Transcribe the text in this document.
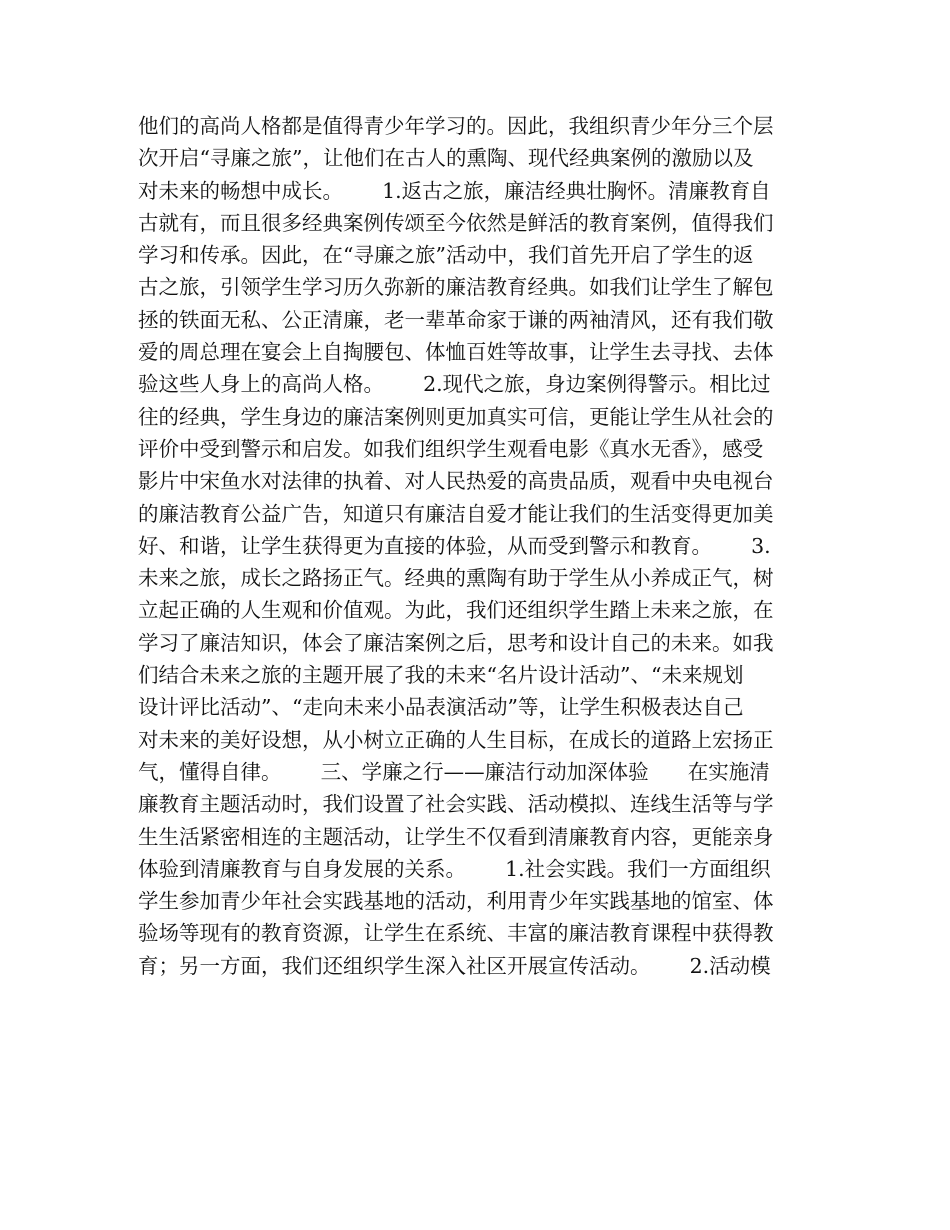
他们的高尚人格都是值得青少年学习的。因此，我组织青少年分三个层
次开启“寻廉之旅”，让他们在古人的熏陶、现代经典案例的激励以及
对未来的畅想中成长。      1.返古之旅，廉洁经典壮胸怀。清廉教育自
古就有，而且很多经典案例传颂至今依然是鲜活的教育案例，值得我们
学习和传承。因此，在“寻廉之旅”活动中，我们首先开启了学生的返
古之旅，引领学生学习历久弥新的廉洁教育经典。如我们让学生了解包
拯的铁面无私、公正清廉，老一辈革命家于谦的两袖清风，还有我们敬
爱的周总理在宴会上自掏腰包、体恤百姓等故事，让学生去寻找、去体
验这些人身上的高尚人格。      2.现代之旅，身边案例得警示。相比过
往的经典，学生身边的廉洁案例则更加真实可信，更能让学生从社会的
评价中受到警示和启发。如我们组织学生观看电影《真水无香》，感受
影片中宋鱼水对法律的执着、对人民热爱的高贵品质，观看中央电视台
的廉洁教育公益广告，知道只有廉洁自爱才能让我们的生活变得更加美
好、和谐，让学生获得更为直接的体验，从而受到警示和教育。      3.
未来之旅，成长之路扬正气。经典的熏陶有助于学生从小养成正气，树
立起正确的人生观和价值观。为此，我们还组织学生踏上未来之旅，在
学习了廉洁知识，体会了廉洁案例之后，思考和设计自己的未来。如我
们结合未来之旅的主题开展了我的未来“名片设计活动”、“未来规划
设计评比活动”、“走向未来小品表演活动”等，让学生积极表达自己
对未来的美好设想，从小树立正确的人生目标，在成长的道路上宏扬正
气，懂得自律。      三、学廉之行——廉洁行动加深体验      在实施清
廉教育主题活动时，我们设置了社会实践、活动模拟、连线生活等与学
生生活紧密相连的主题活动，让学生不仅看到清廉教育内容，更能亲身
体验到清廉教育与自身发展的关系。      1.社会实践。我们一方面组织
学生参加青少年社会实践基地的活动，利用青少年实践基地的馆室、体
验场等现有的教育资源，让学生在系统、丰富的廉洁教育课程中获得教
育；另一方面，我们还组织学生深入社区开展宣传活动。      2.活动模
